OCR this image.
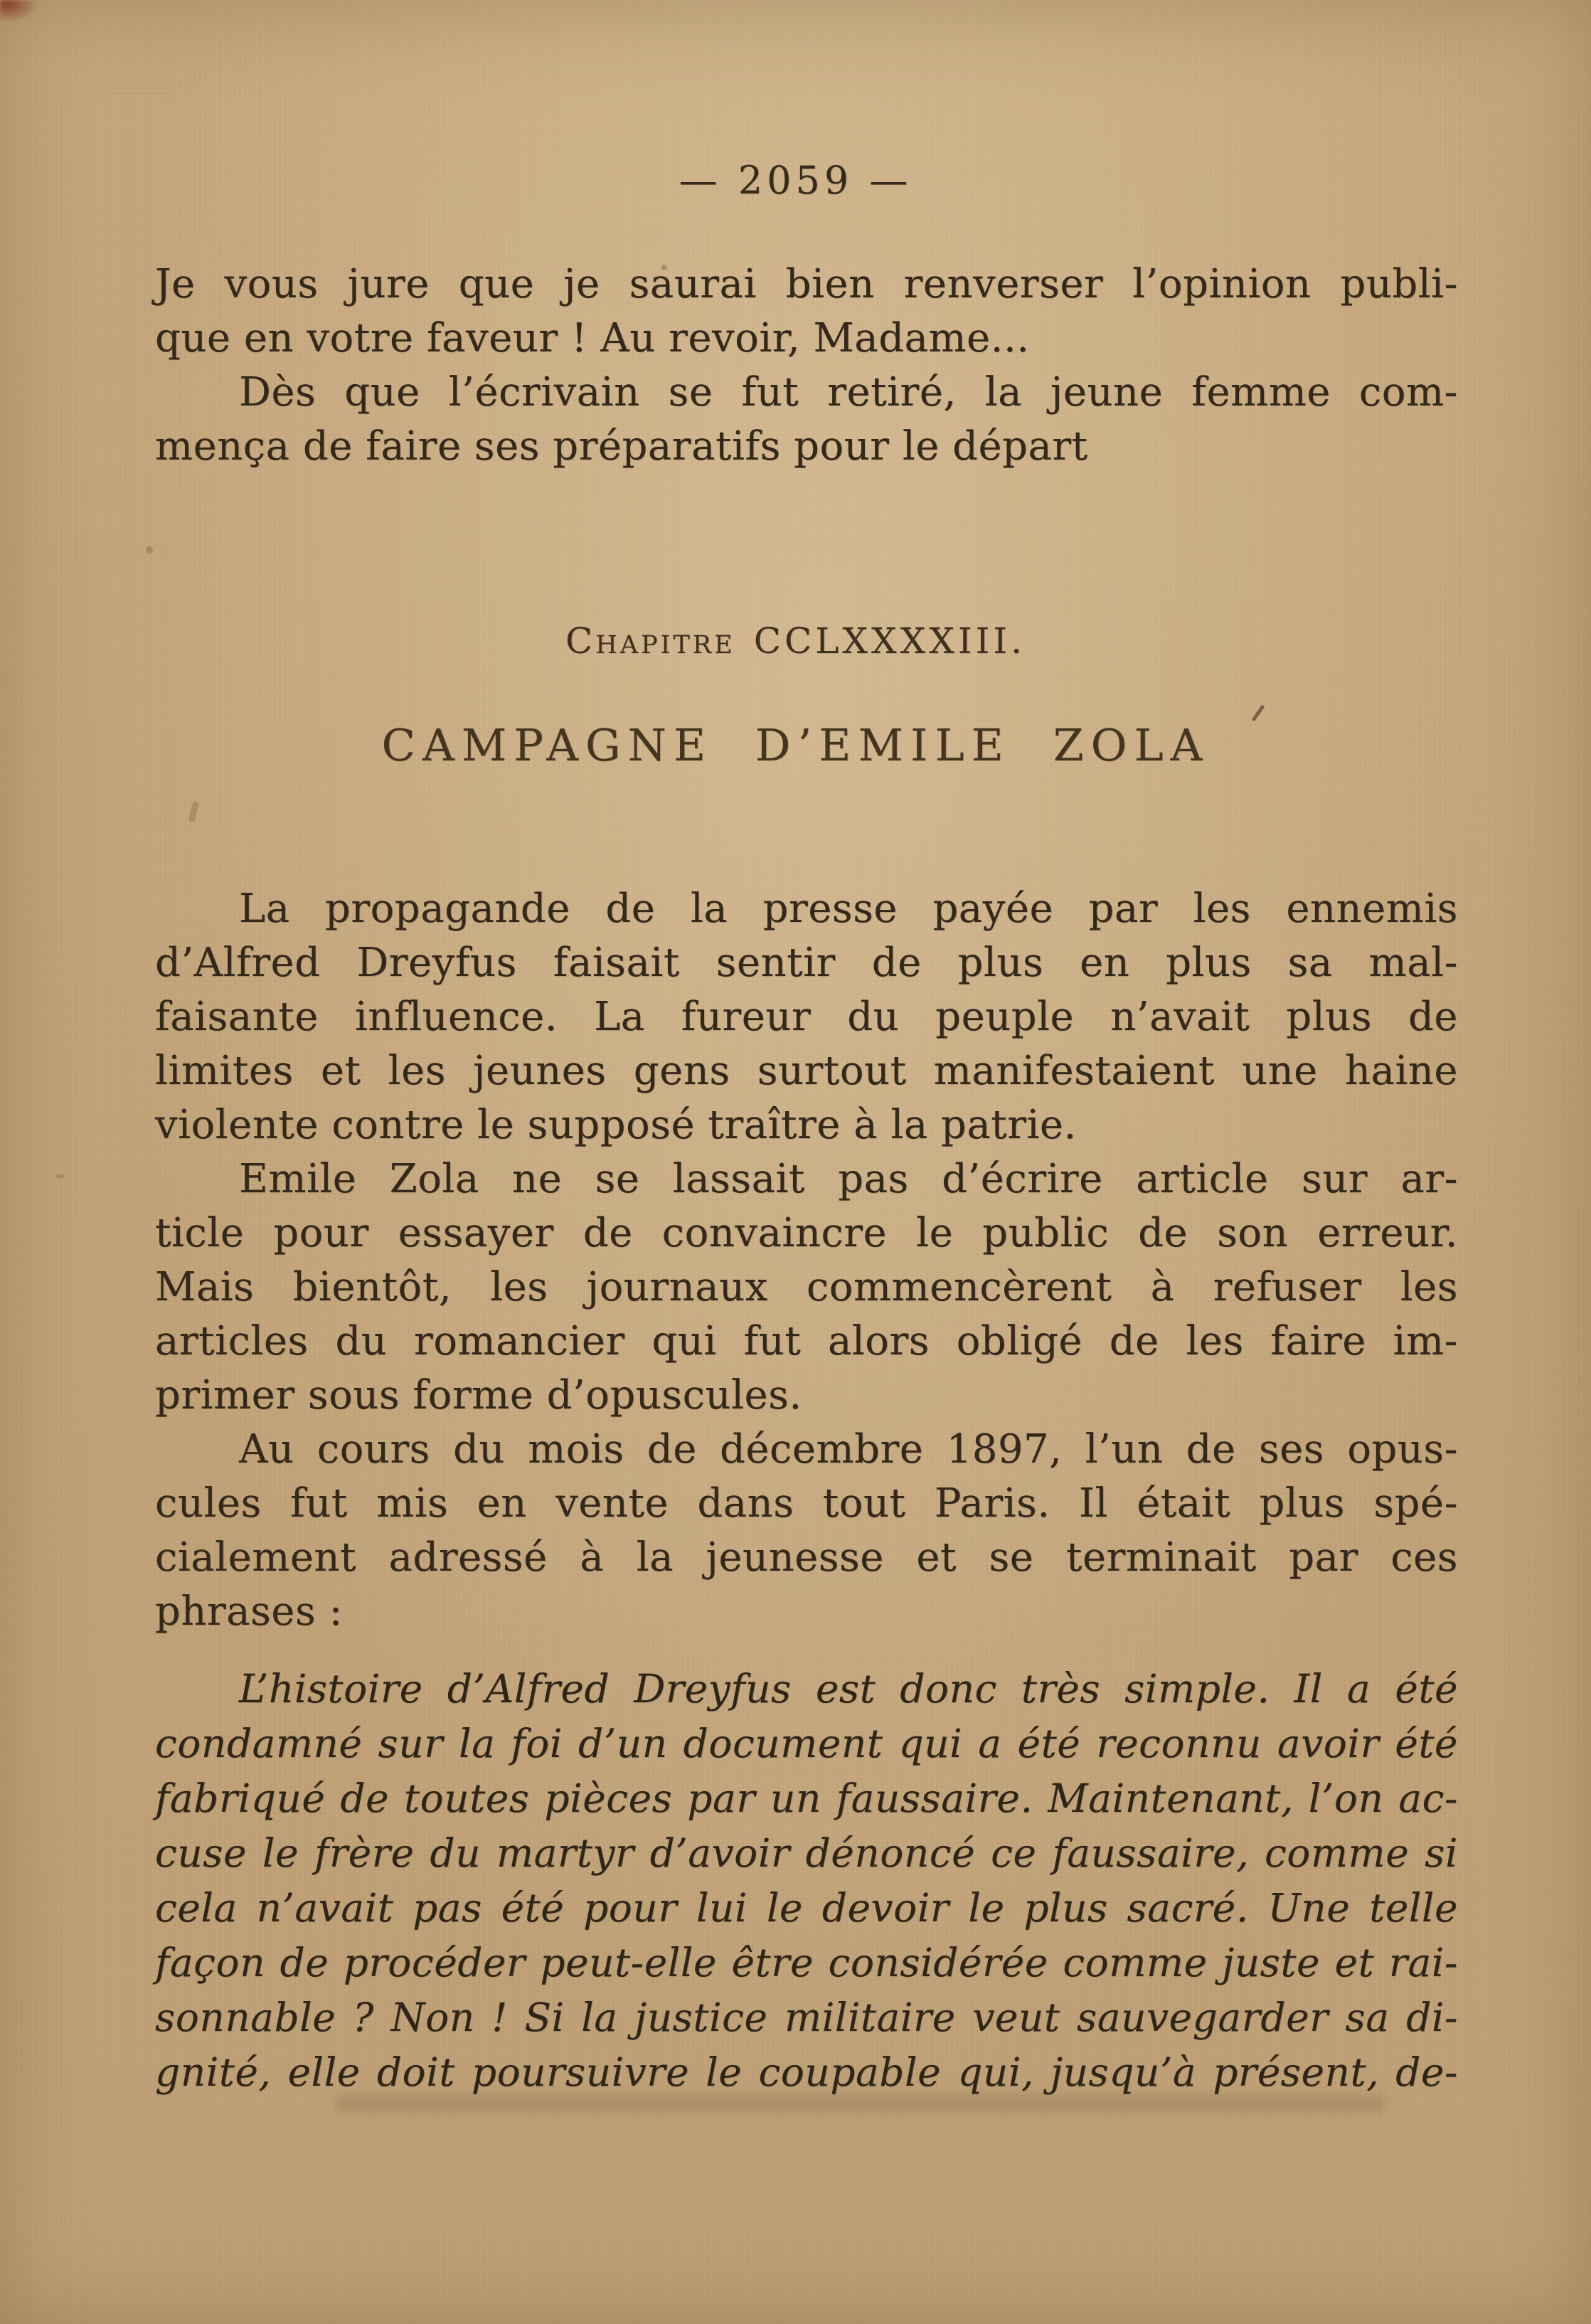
— 2059 —
Je vous jure que je saurai bien renverser l’opinion publi-
que en votre faveur ! Au revoir, Madame...
Dès que l’écrivain se fut retiré, la jeune femme com-
mença de faire ses préparatifs pour le départ
Chapitre CCLXXXXIII.
CAMPAGNE D’EMILE ZOLA
La propagande de la presse payée par les ennemis
d’Alfred Dreyfus faisait sentir de plus en plus sa mal-
faisante influence. La fureur du peuple n’avait plus de
limites et les jeunes gens surtout manifestaient une haine
violente contre le supposé traître à la patrie.
Emile Zola ne se lassait pas d’écrire article sur ar-
ticle pour essayer de convaincre le public de son erreur.
Mais bientôt, les journaux commencèrent à refuser les
articles du romancier qui fut alors obligé de les faire im-
primer sous forme d’opuscules.
Au cours du mois de décembre 1897, l’un de ses opus-
cules fut mis en vente dans tout Paris. Il était plus spé-
cialement adressé à la jeunesse et se terminait par ces
phrases :
L’histoire d’Alfred Dreyfus est donc très simple. Il a été
condamné sur la foi d’un document qui a été reconnu avoir été
fabriqué de toutes pièces par un faussaire. Maintenant, l’on ac-
cuse le frère du martyr d’avoir dénoncé ce faussaire, comme si
cela n’avait pas été pour lui le devoir le plus sacré. Une telle
façon de procéder peut-elle être considérée comme juste et rai-
sonnable ? Non ! Si la justice militaire veut sauvegarder sa di-
gnité, elle doit poursuivre le coupable qui, jusqu’à présent, de-
